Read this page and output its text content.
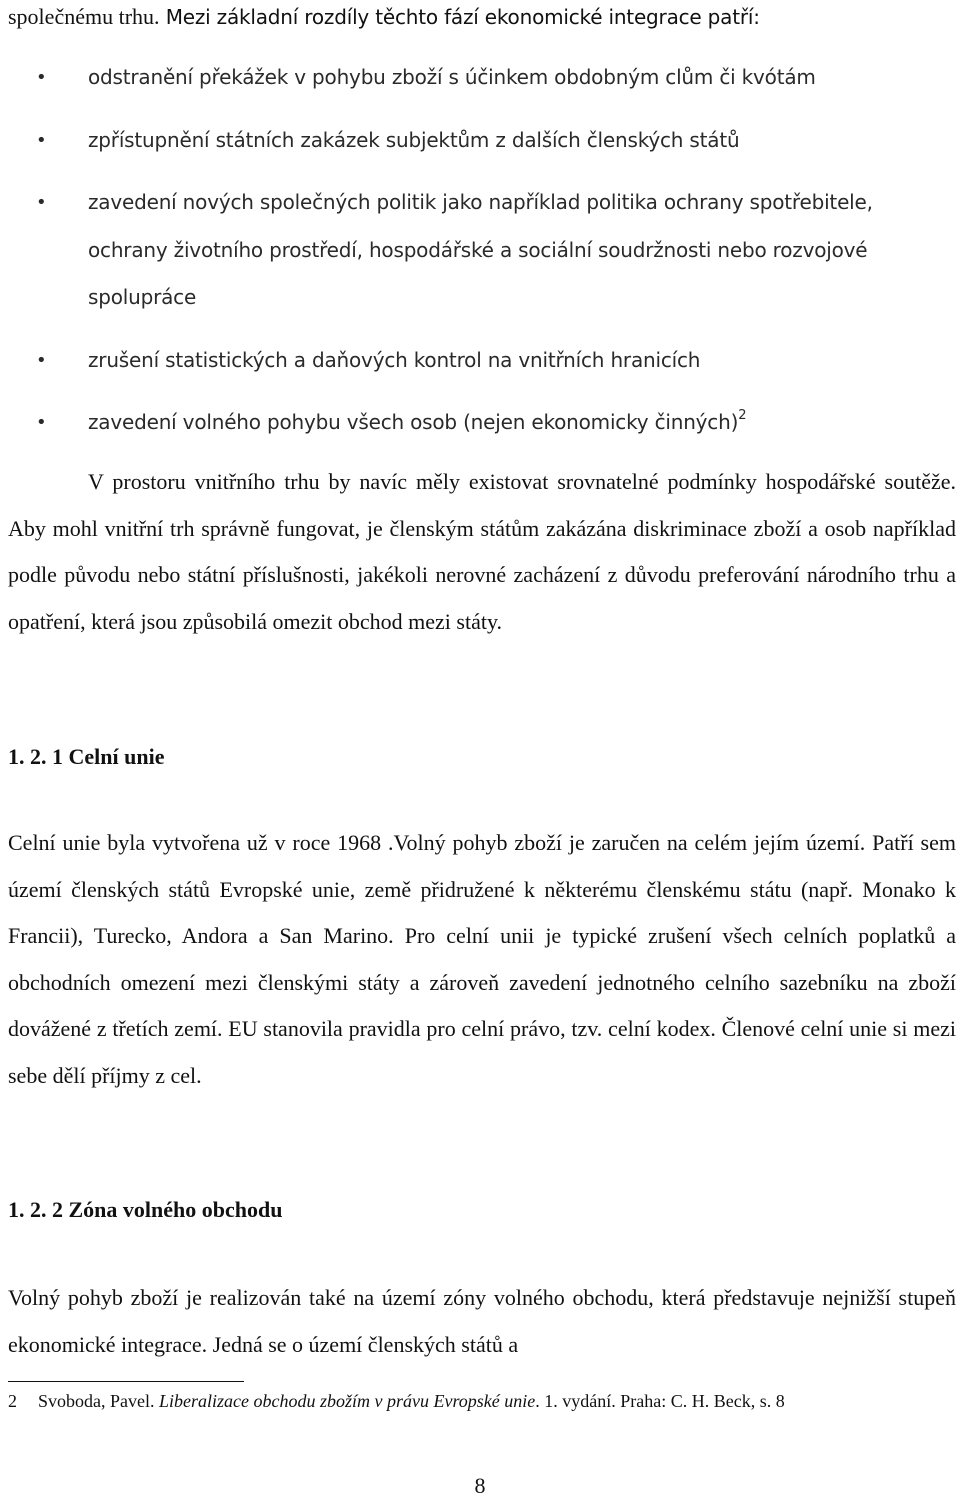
společnému trhu. Mezi základní rozdíly těchto fází ekonomické integrace patří:

• odstranění překážek v pohybu zboží s účinkem obdobným clům či kvótám
• zpřístupnění státních zakázek subjektům z dalších členských států
• zavedení nových společných politik jako například politika ochrany spotřebitele, ochrany životního prostředí, hospodářské a sociální soudržnosti nebo rozvojové spolupráce
• zrušení statistických a daňových kontrol na vnitřních hranicích
• zavedení volného pohybu všech osob (nejen ekonomicky činných)$^2$

V prostoru vnitřního trhu by navíc měly existovat srovnatelné podmínky hospodářské soutěže. Aby mohl vnitřní trh správně fungovat, je členským státům zakázána diskriminace zboží a osob například podle původu nebo státní příslušnosti, jakékoli nerovné zacházení z důvodu preferování národního trhu a opatření, která jsou způsobilá omezit obchod mezi státy.

1. 2. 1 Celní unie

Celní unie byla vytvořena už v roce 1968 .Volný pohyb zboží je zaručen na celém jejím území. Patří sem území členských států Evropské unie, země přidružené k některému členskému státu (např. Monako k Francii), Turecko, Andora a San Marino. Pro celní unii je typické zrušení všech celních poplatků a obchodních omezení mezi členskými státy a zároveň zavedení jednotného celního sazebníku na zboží dovážené z třetích zemí. EU stanovila pravidla pro celní právo, tzv. celní kodex. Členové celní unie si mezi sebe dělí příjmy z cel.

1. 2. 2 Zóna volného obchodu

Volný pohyb zboží je realizován také na území zóny volného obchodu, která představuje nejnižší stupeň ekonomické integrace. Jedná se o území členských států a

2	Svoboda, Pavel. Liberalizace obchodu zbožím v právu Evropské unie. 1. vydání. Praha: C. H. Beck, s. 8
8
